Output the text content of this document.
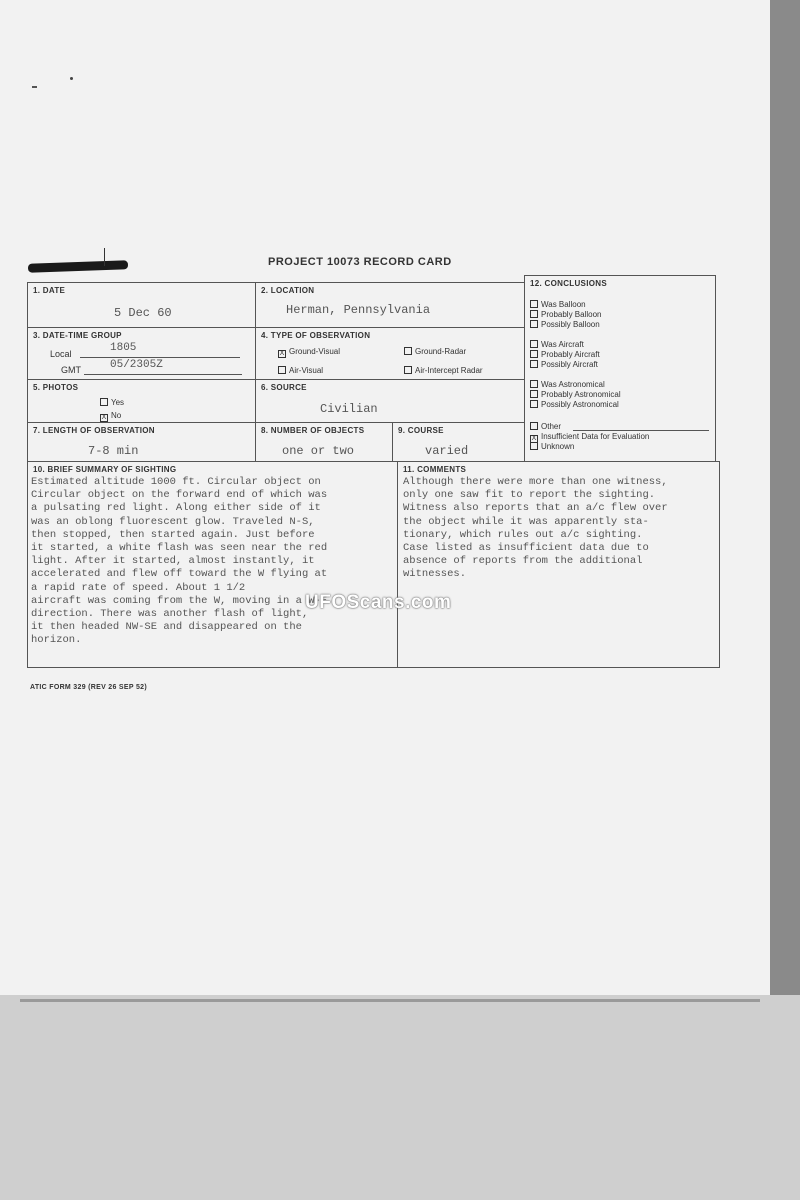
PROJECT 10073 RECORD CARD
1. DATE
5 Dec 60
2. LOCATION
Herman, Pennsylvania
3. DATE-TIME GROUP
Local	1805
GMT	05/2305Z
4. TYPE OF OBSERVATION
X Ground-Visual	Ground-Radar
Air-Visual	Air-Intercept Radar
5. PHOTOS
Yes
X No
6. SOURCE
Civilian
7. LENGTH OF OBSERVATION
7-8 min
8. NUMBER OF OBJECTS
one or two
9. COURSE
varied
12. CONCLUSIONS
Was Balloon
Probably Balloon
Possibly Balloon
Was Aircraft
Probably Aircraft
Possibly Aircraft
Was Astronomical
Probably Astronomical
Possibly Astronomical
Other
X Insufficient Data for Evaluation
Unknown
10. BRIEF SUMMARY OF SIGHTING
Estimated altitude 1000 ft. Circular object on
Circular object on the forward end of which was
a pulsating red light. Along either side of it
was an oblong fluorescent glow. Traveled N-S,
then stopped, then started again. Just before
it started, a white flash was seen near the red
light. After it started, almost instantly, it
accelerated and flew off toward the W flying at
a rapid rate of speed. About 1 1/2
aircraft was coming from the W, moving in a W-E
direction. There was another flash of light,
it then headed NW-SE and disappeared on the
horizon.
11. COMMENTS
Although there were more than one witness,
only one saw fit to report the sighting.
Witness also reports that an a/c flew over
the object while it was apparently sta-
tionary, which rules out a/c sighting.
Case listed as insufficient data due to
absence of reports from the additional
witnesses.
UFOScans.com
ATIC FORM 329 (REV 26 SEP 52)
